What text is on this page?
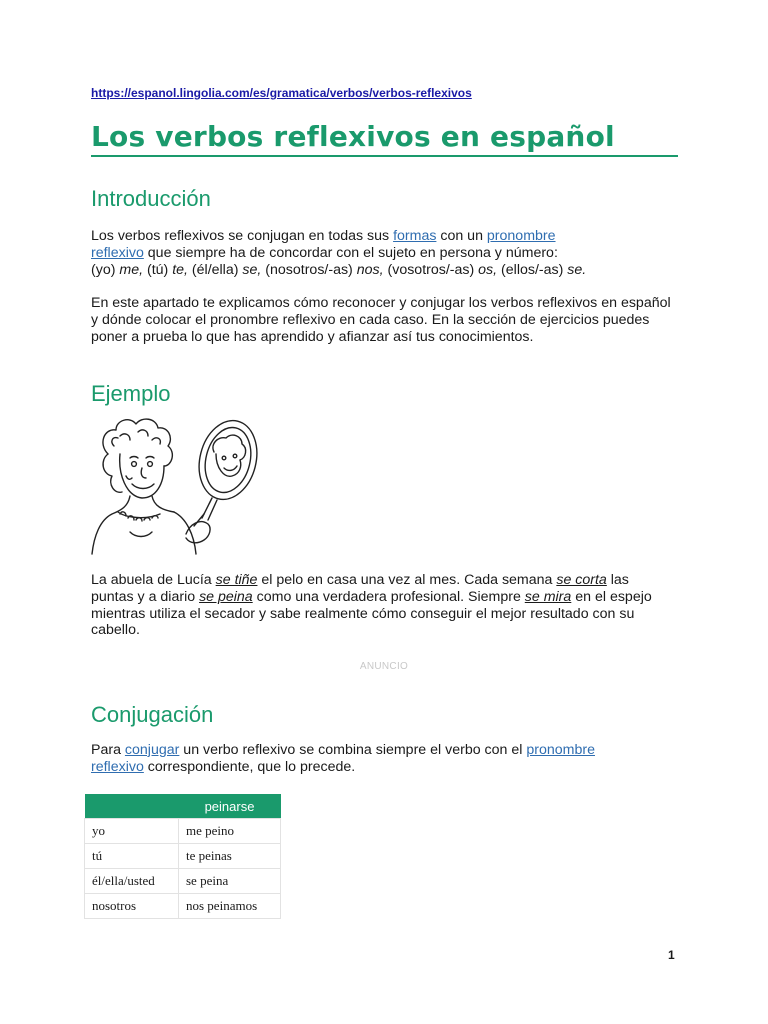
https://espanol.lingolia.com/es/gramatica/verbos/verbos-reflexivos
Los verbos reflexivos en español
Introducción

Los verbos reflexivos se conjugan en todas sus formas con un pronombre
reflexivo que siempre ha de concordar con el sujeto en persona y número:
(yo) me, (tú) te, (él/ella) se, (nosotros/-as) nos, (vosotros/-as) os, (ellos/-as) se.

En este apartado te explicamos cómo reconocer y conjugar los verbos reflexivos en español y dónde colocar el pronombre reflexivo en cada caso. En la sección de ejercicios puedes poner a prueba lo que has aprendido y afianzar así tus conocimientos.

Ejemplo

La abuela de Lucía se tiñe el pelo en casa una vez al mes. Cada semana se corta las puntas y a diario se peina como una verdadera profesional. Siempre se mira en el espejo mientras utiliza el secador y sabe realmente cómo conseguir el mejor resultado con su cabello.

ANUNCIO
Conjugación

Para conjugar un verbo reflexivo se combina siempre el verbo con el pronombre
reflexivo correspondiente, que lo precede.

	peinarse
yo	me peino
tú	te peinas
él/ella/usted	se peina
nosotros	nos peinamos
1
